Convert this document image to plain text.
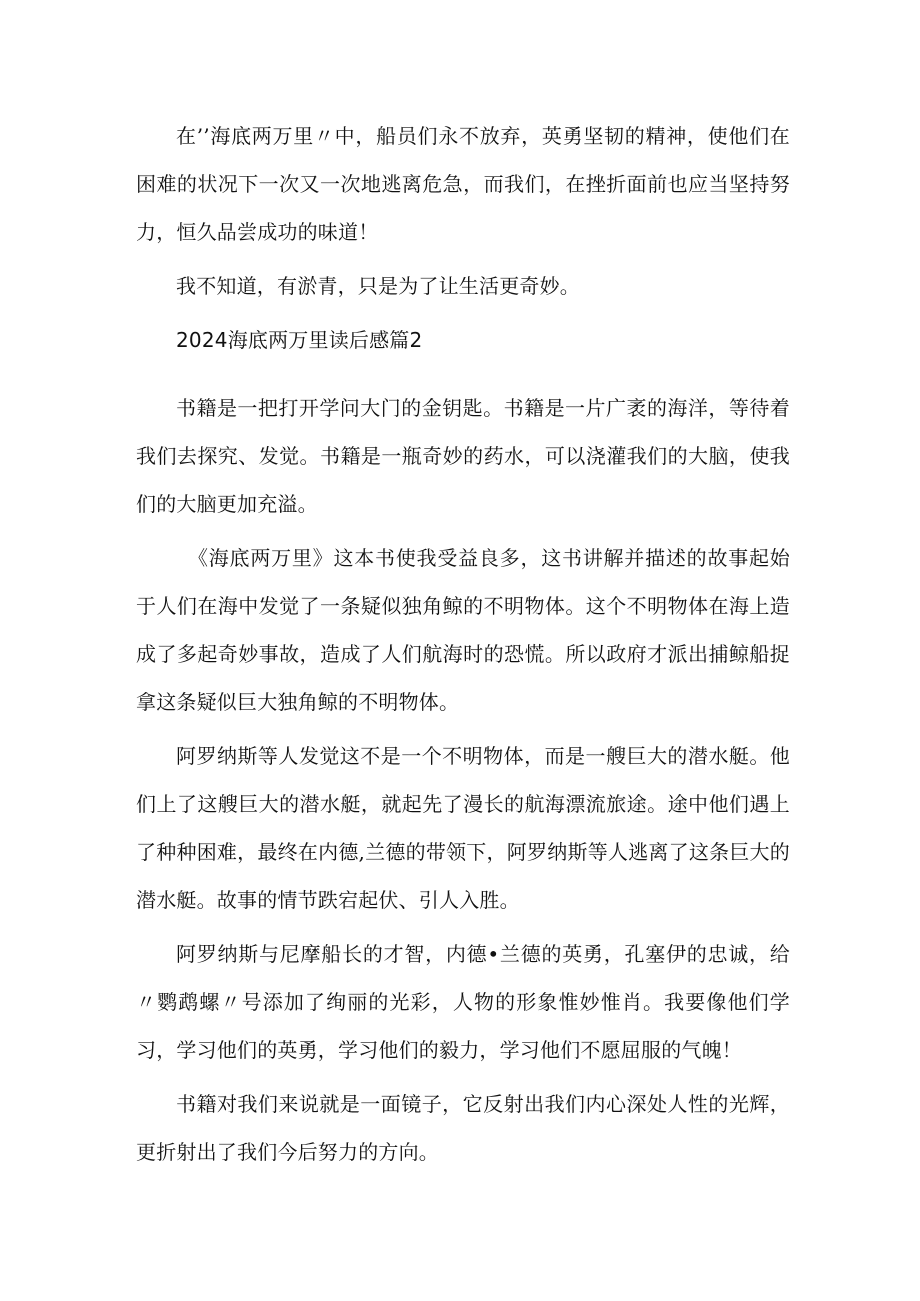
在’’海底两万里〃中，船员们永不放弃，英勇坚韧的精神，使他们在困难的状况下一次又一次地逃离危急，而我们，在挫折面前也应当坚持努力，恒久品尝成功的味道！

我不知道，有淤青，只是为了让生活更奇妙。

2024海底两万里读后感篇2

书籍是一把打开学问大门的金钥匙。书籍是一片广袤的海洋，等待着我们去探究、发觉。书籍是一瓶奇妙的药水，可以浇灌我们的大脑，使我们的大脑更加充溢。

《海底两万里》这本书使我受益良多，这书讲解并描述的故事起始于人们在海中发觉了一条疑似独角鲸的不明物体。这个不明物体在海上造成了多起奇妙事故，造成了人们航海时的恐慌。所以政府才派出捕鲸船捉拿这条疑似巨大独角鲸的不明物体。

阿罗纳斯等人发觉这不是一个不明物体，而是一艘巨大的潜水艇。他们上了这艘巨大的潜水艇，就起先了漫长的航海漂流旅途。途中他们遇上了种种困难，最终在内德,兰德的带领下，阿罗纳斯等人逃离了这条巨大的潜水艇。故事的情节跌宕起伏、引人入胜。

阿罗纳斯与尼摩船长的才智，内德•兰德的英勇，孔塞伊的忠诚，给〃鹦鹉螺〃号添加了绚丽的光彩，人物的形象惟妙惟肖。我要像他们学习，学习他们的英勇，学习他们的毅力，学习他们不愿屈服的气魄！

书籍对我们来说就是一面镜子，它反射出我们内心深处人性的光辉，更折射出了我们今后努力的方向。
